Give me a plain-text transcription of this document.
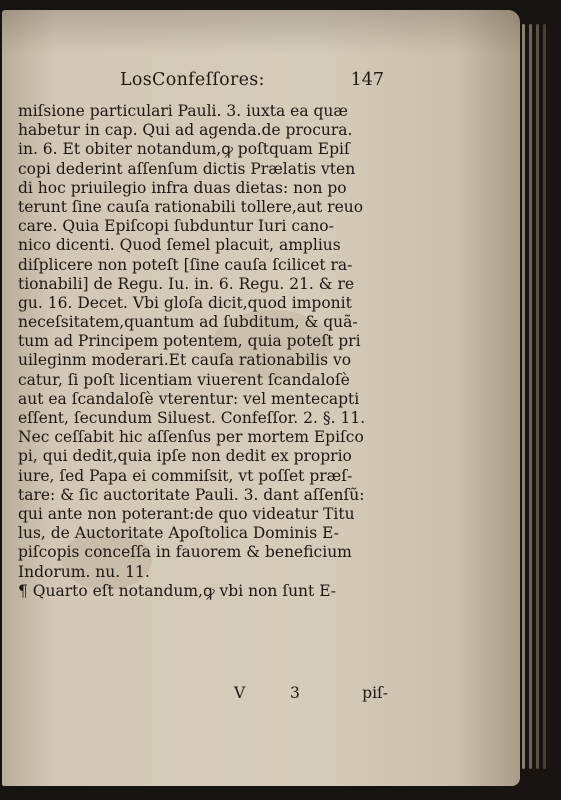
LosConfeſſores:	147
miſsione particulari Pauli. 3. iuxta ea quæ
habetur in cap. Qui ad agenda.de procura.
in. 6. Et obiter notandum,ꝙ poſtquam Epiſ
copi dederint aſſenſum dictis Prælatis vten
di hoc priuilegio infra duas dietas: non po
terunt ſine cauſa rationabili tollere,aut reuo
care. Quia Epiſcopi ſubduntur Iuri cano-
nico dicenti. Quod ſemel placuit, amplius
diſplicere non poteſt [ſine cauſa ſcilicet ra-
tionabili] de Regu. Iu. in. 6. Regu. 21. & re
gu. 16. Decet. Vbi gloſa dicit,quod imponit
neceſsitatem,quantum ad ſubditum, & quã-
tum ad Principem potentem, quia poteſt pri
uileginm moderari.Et cauſa rationabilis vo
catur, ſi poſt licentiam viuerent ſcandaloſè
aut ea ſcandaloſè vterentur: vel mentecapti
eſſent, ſecundum Siluest. Confeſſor. 2. §. 11.
Nec ceſſabit hic aſſenſus per mortem Epiſco
pi, qui dedit,quia ipſe non dedit ex proprio
iure, ſed Papa ei commiſsit, vt poſſet præſ-
tare: & ſic auctoritate Pauli. 3. dant aſſenſũ:
qui ante non poterant:de quo videatur Titu
lus, de Auctoritate Apoſtolica Dominis E-
piſcopis conceſſa in fauorem & beneficium
Indorum. nu. 11.
¶ Quarto eſt notandum,ꝙ vbi non ſunt E-
V	3	piſ-
